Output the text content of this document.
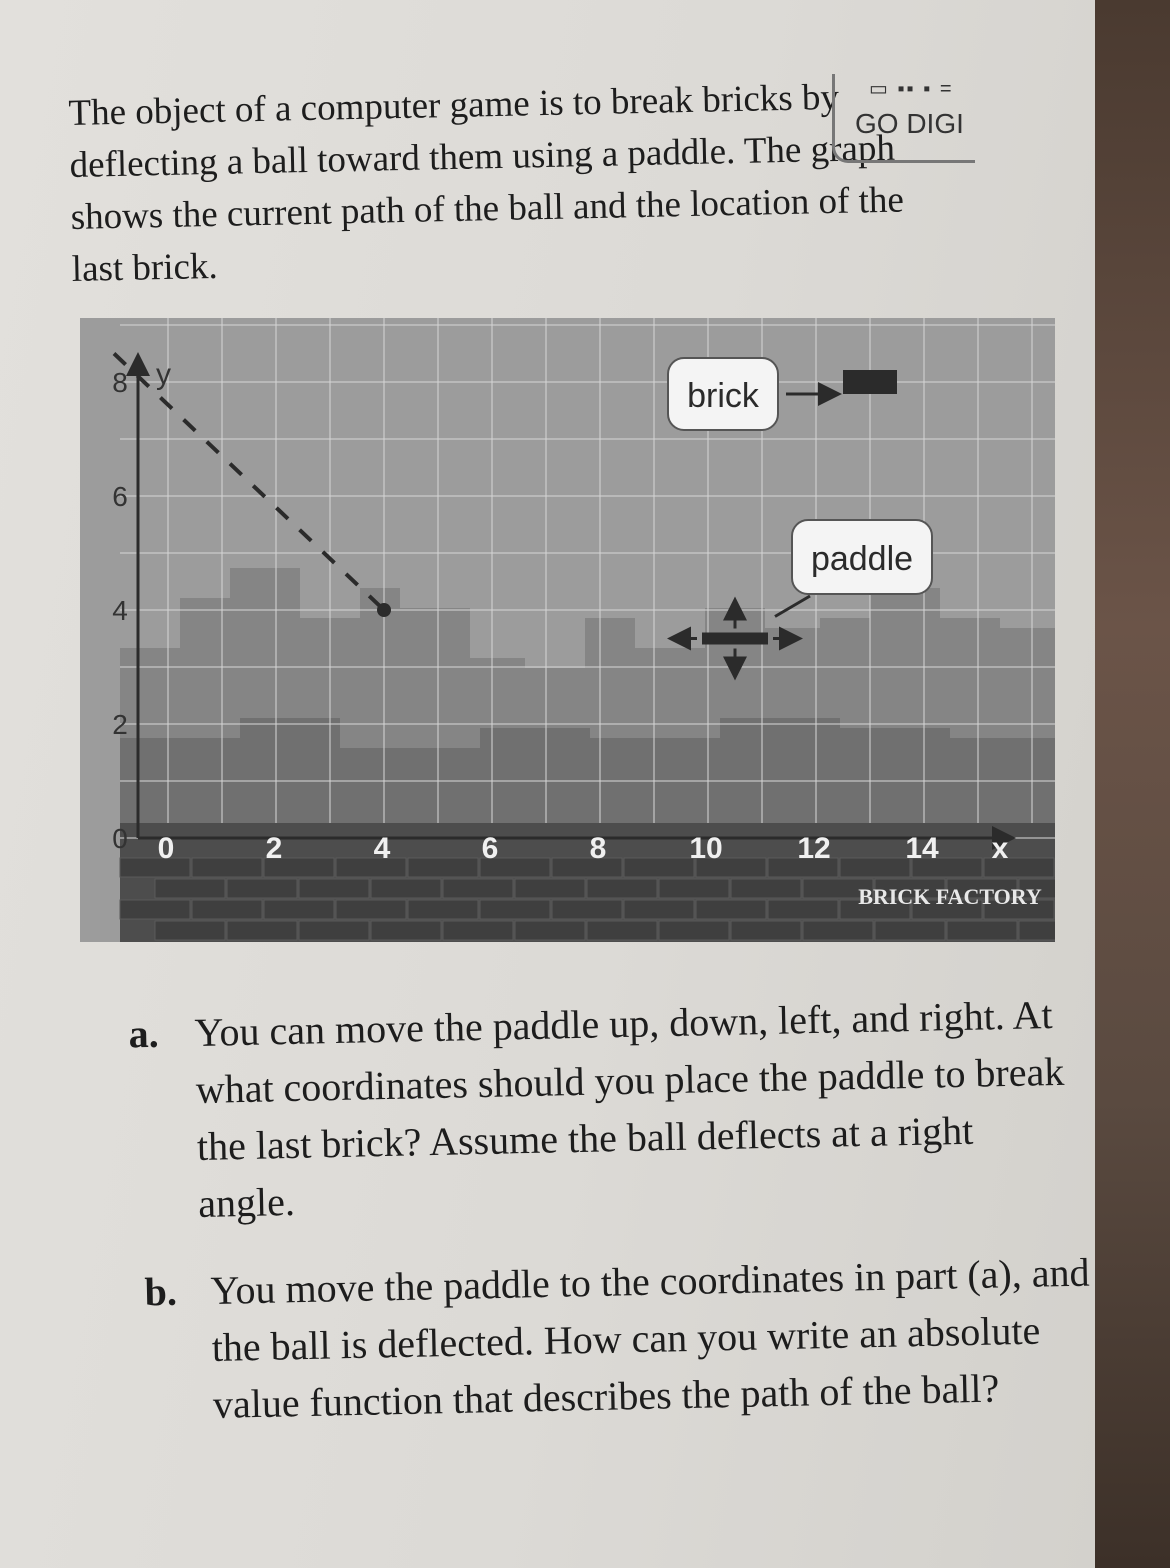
The object of a computer game is to break bricks by deflecting a ball toward them using a paddle. The graph shows the current path of the ball and the location of the last brick.
▭ ▪▪ ▪ =
GO DIGI
0	2	4	6	8	10 12 14 x
0
2
4
6
8 y
brick
paddle
BRICK FACTORY
a. You can move the paddle up, down, left, and right. At what coordinates should you place the paddle to break the last brick? Assume the ball deflects at a right angle.
b. You move the paddle to the coordinates in part (a), and the ball is deflected. How can you write an absolute value function that describes the path of the ball?
